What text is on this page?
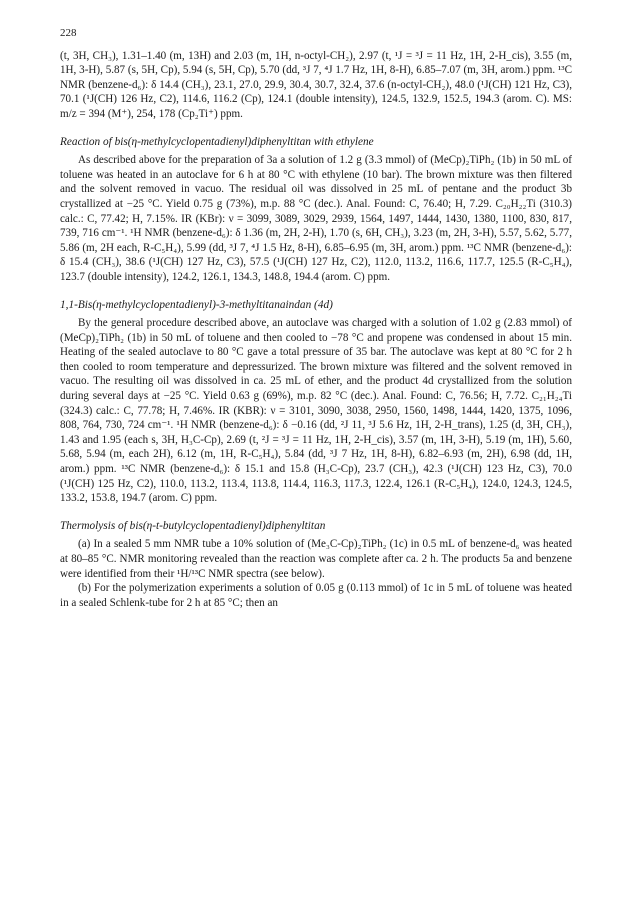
228

(t, 3H, CH₃), 1.31–1.40 (m, 13H) and 2.03 (m, 1H, n-octyl-CH₂), 2.97 (t, ¹J = ³J = 11 Hz, 1H, 2-H_cis), 3.55 (m, 1H, 3-H), 5.87 (s, 5H, Cp), 5.94 (s, 5H, Cp), 5.70 (dd, ³J 7, ⁴J 1.7 Hz, 1H, 8-H), 6.85–7.07 (m, 3H, arom.) ppm. ¹³C NMR (benzene-d₆): δ 14.4 (CH₃), 23.1, 27.0, 29.9, 30.4, 30.7, 32.4, 37.6 (n-octyl-CH₂), 48.0 (¹J(CH) 121 Hz, C3), 70.1 (¹J(CH) 126 Hz, C2), 114.6, 116.2 (Cp), 124.1 (double intensity), 124.5, 132.9, 152.5, 194.3 (arom. C). MS: m/z = 394 (M⁺), 254, 178 (Cp₂Ti⁺) ppm.

Reaction of bis(η-methylcyclopentadienyl)diphenyltitan with ethylene

As described above for the preparation of 3a a solution of 1.2 g (3.3 mmol) of (MeCp)₂TiPh₂ (1b) in 50 mL of toluene was heated in an autoclave for 6 h at 80 °C with ethylene (10 bar). The brown mixture was then filtered and the solvent removed in vacuo. The residual oil was dissolved in 25 mL of pentane and the product 3b crystallized at −25 °C. Yield 0.75 g (73%), m.p. 88 °C (dec.). Anal. Found: C, 76.40; H, 7.29. C₂₀H₂₂Ti (310.3) calc.: C, 77.42; H, 7.15%. IR (KBr): ν = 3099, 3089, 3029, 2939, 1564, 1497, 1444, 1430, 1380, 1100, 830, 817, 739, 716 cm⁻¹. ¹H NMR (benzene-d₆): δ 1.36 (m, 2H, 2-H), 1.70 (s, 6H, CH₃), 3.23 (m, 2H, 3-H), 5.57, 5.62, 5.77, 5.86 (m, 2H each, R-C₅H₄), 5.99 (dd, ³J 7, ⁴J 1.5 Hz, 8-H), 6.85–6.95 (m, 3H, arom.) ppm. ¹³C NMR (benzene-d₆): δ 15.4 (CH₃), 38.6 (¹J(CH) 127 Hz, C3), 57.5 (¹J(CH) 127 Hz, C2), 112.0, 113.2, 116.6, 117.7, 125.5 (R-C₅H₄), 123.7 (double intensity), 124.2, 126.1, 134.3, 148.8, 194.4 (arom. C) ppm.

1,1-Bis(η-methylcyclopentadienyl)-3-methyltitanaindan (4d)

By the general procedure described above, an autoclave was charged with a solution of 1.02 g (2.83 mmol) of (MeCp)₂TiPh₂ (1b) in 50 mL of toluene and then cooled to −78 °C and propene was condensed in about 15 min. Heating of the sealed autoclave to 80 °C gave a total pressure of 35 bar. The autoclave was kept at 80 °C for 2 h then cooled to room temperature and depressurized. The brown mixture was filtered and the solvent removed in vacuo. The resulting oil was dissolved in ca. 25 mL of ether, and the product 4d crystallized from the solution during several days at −25 °C. Yield 0.63 g (69%), m.p. 82 °C (dec.). Anal. Found: C, 76.56; H, 7.72. C₂₁H₂₄Ti (324.3) calc.: C, 77.78; H, 7.46%. IR (KBR): ν = 3101, 3090, 3038, 2950, 1560, 1498, 1444, 1420, 1375, 1096, 808, 764, 730, 724 cm⁻¹. ¹H NMR (benzene-d₆): δ −0.16 (dd, ²J 11, ³J 5.6 Hz, 1H, 2-H_trans), 1.25 (d, 3H, CH₃), 1.43 and 1.95 (each s, 3H, H₃C-Cp), 2.69 (t, ²J = ³J = 11 Hz, 1H, 2-H_cis), 3.57 (m, 1H, 3-H), 5.19 (m, 1H), 5.60, 5.68, 5.94 (m, each 2H), 6.12 (m, 1H, R-C₅H₄), 5.84 (dd, ³J 7 Hz, 1H, 8-H), 6.82–6.93 (m, 2H), 6.98 (dd, 1H, arom.) ppm. ¹³C NMR (benzene-d₆): δ 15.1 and 15.8 (H₃C-Cp), 23.7 (CH₃), 42.3 (¹J(CH) 123 Hz, C3), 70.0 (¹J(CH) 125 Hz, C2), 110.0, 113.2, 113.4, 113.8, 114.4, 116.3, 117.3, 122.4, 126.1 (R-C₅H₄), 124.0, 124.3, 124.5, 133.2, 153.8, 194.7 (arom. C) ppm.

Thermolysis of bis(η-t-butylcyclopentadienyl)diphenyltitan

(a) In a sealed 5 mm NMR tube a 10% solution of (Me₃C-Cp)₂TiPh₂ (1c) in 0.5 mL of benzene-d₆ was heated at 80–85 °C. NMR monitoring revealed than the reaction was complete after ca. 2 h. The products 5a and benzene were identified from their ¹H/¹³C NMR spectra (see below).

(b) For the polymerization experiments a solution of 0.05 g (0.113 mmol) of 1c in 5 mL of toluene was heated in a sealed Schlenk-tube for 2 h at 85 °C; then an
